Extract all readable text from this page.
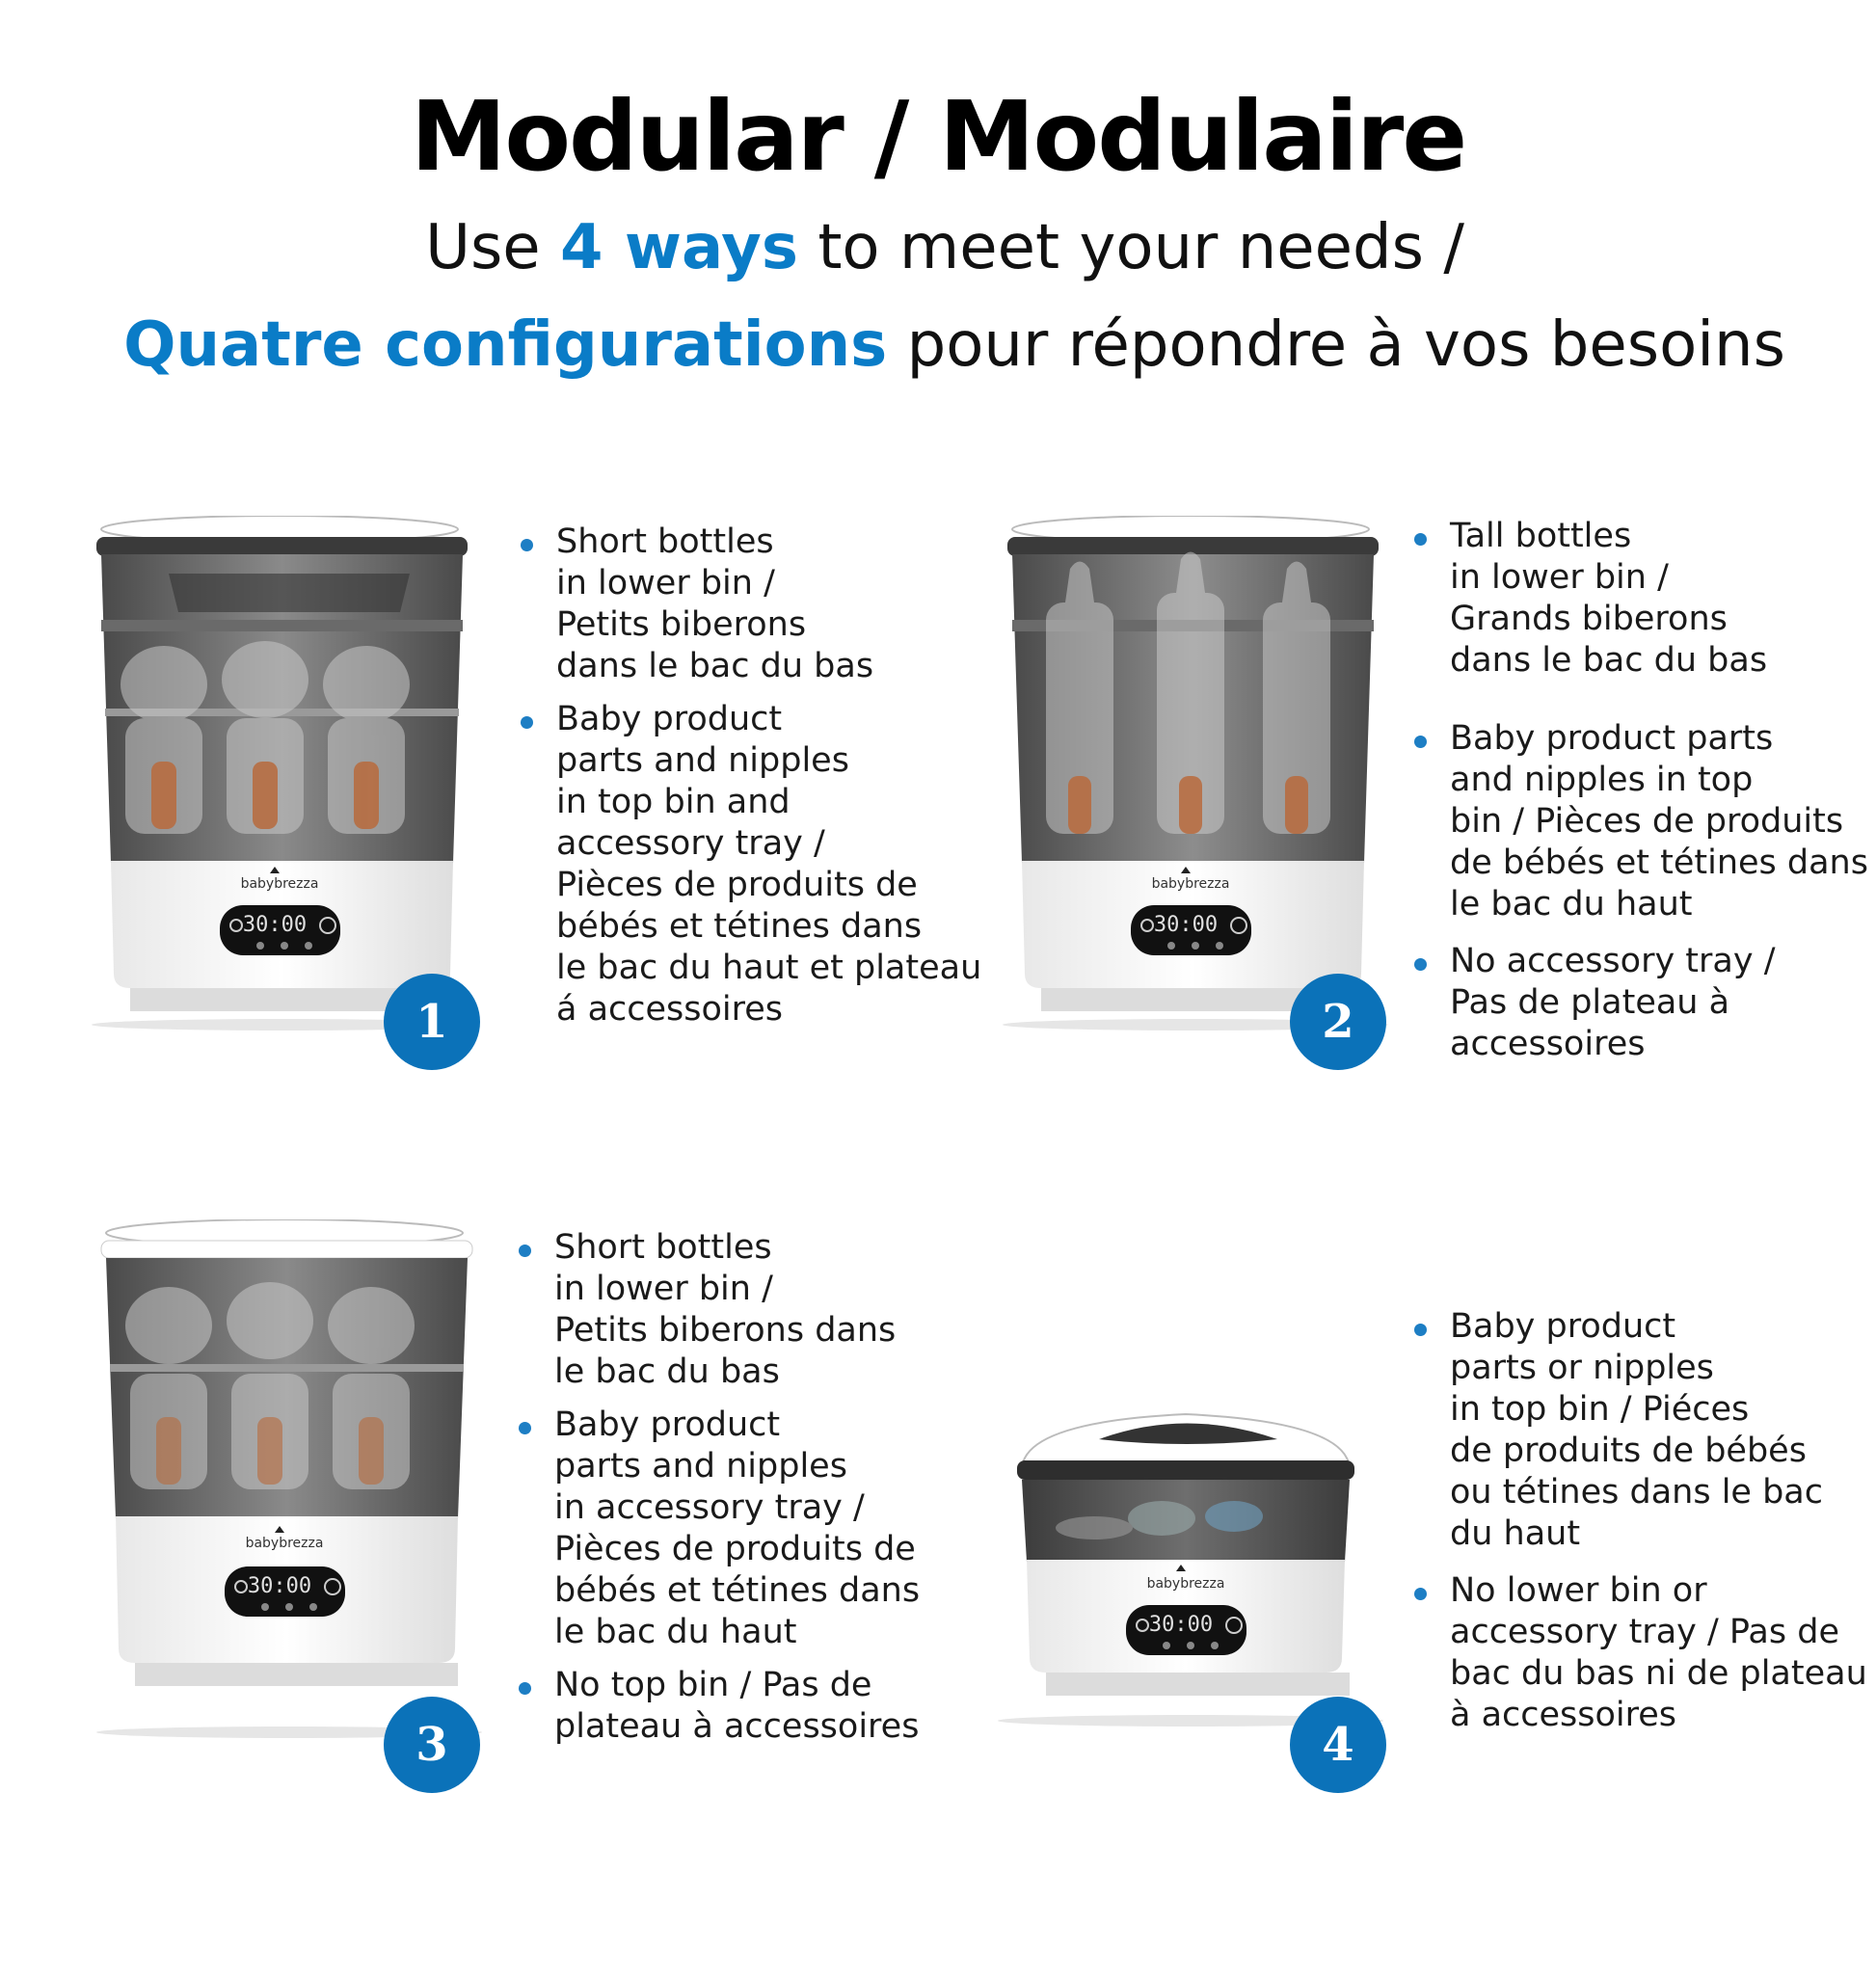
Modular / Modulaire
Use 4 ways to meet your needs /
Quatre configurations pour répondre à vos besoins
babybrezza
30:00
1
Short bottles
in lower bin /
Petits biberons
dans le bac du bas
Baby product
parts and nipples
in top bin and
accessory tray /
Pièces de produits de
bébés et tétines dans
le bac du haut et plateau
á accessoires
babybrezza
30:00
2
Tall bottles
in lower bin /
Grands biberons
dans le bac du bas
Baby product parts
and nipples in top
bin / Pièces de produits
de bébés et tétines dans
le bac du haut
No accessory tray /
Pas de plateau à
accessoires
babybrezza
30:00
3
Short bottles
in lower bin /
Petits biberons dans
le bac du bas
Baby product
parts and nipples
in accessory tray /
Pièces de produits de
bébés et tétines dans
le bac du haut
No top bin / Pas de
plateau à accessoires
babybrezza
30:00
4
Baby product
parts or nipples
in top bin / Piéces
de produits de bébés
ou tétines dans le bac
du haut
No lower bin or
accessory tray / Pas de
bac du bas ni de plateau
à accessoires
